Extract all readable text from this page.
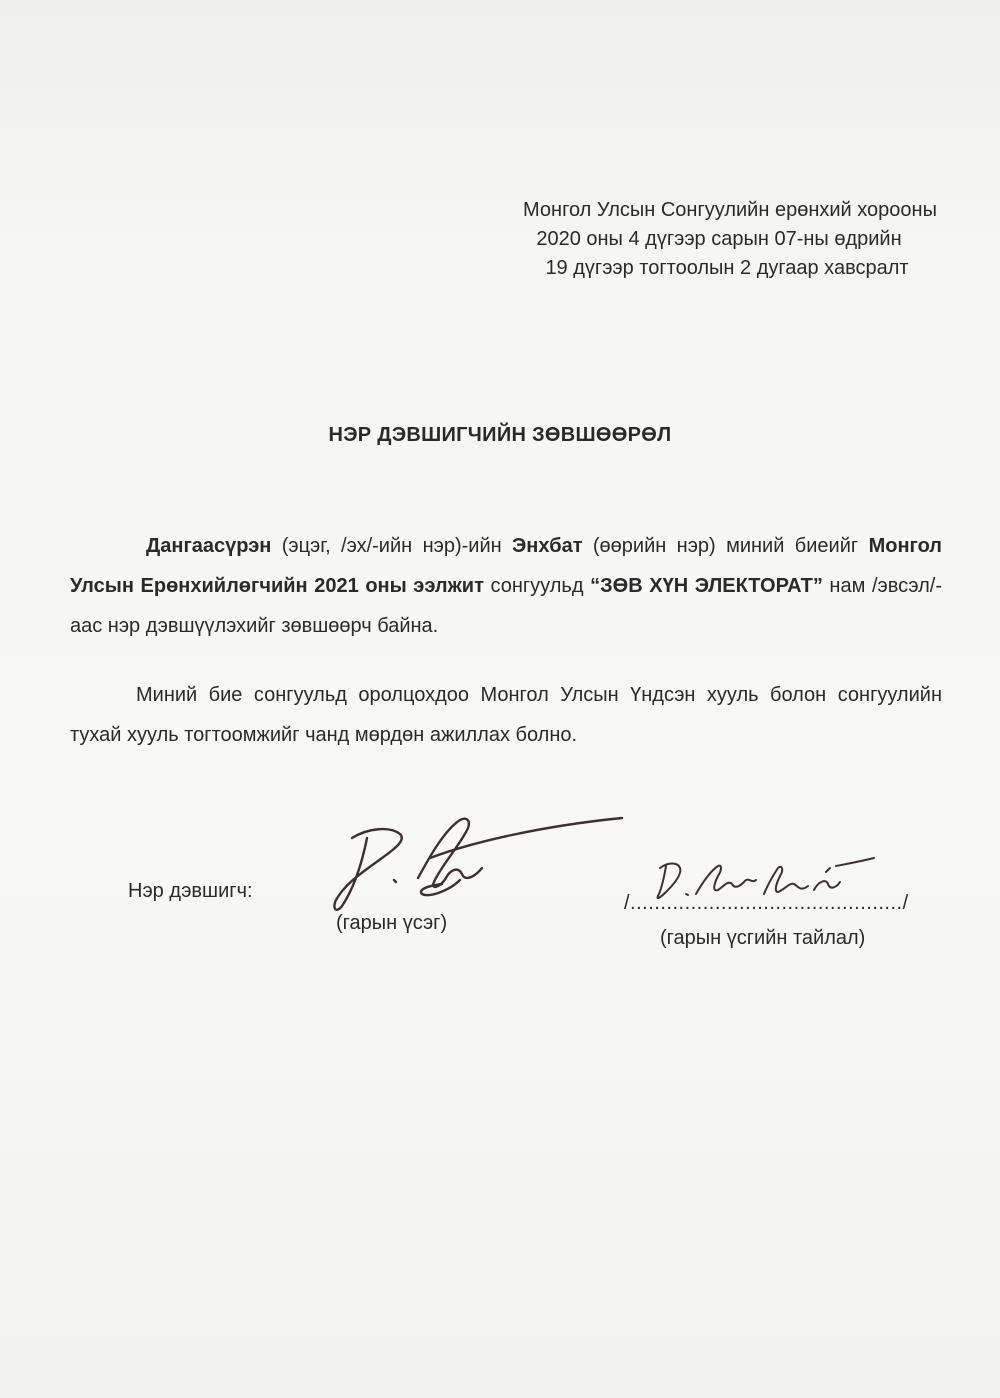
Монгол Улсын Сонгуулийн ерөнхий хорооны
2020 оны 4 дүгээр сарын 07-ны өдрийн
19 дүгээр тогтоолын 2 дугаар хавсралт
НЭР ДЭВШИГЧИЙН ЗӨВШӨӨРӨЛ
Дангаасүрэн (эцэг, /эх/-ийн нэр)-ийн Энхбат (өөрийн нэр) миний биеийг Монгол Улсын Ерөнхийлөгчийн 2021 оны ээлжит сонгуульд “ЗӨВ ХҮН ЭЛЕКТОРАТ” нам /эвсэл/-аас нэр дэвшүүлэхийг зөвшөөрч байна.
Миний бие сонгуульд оролцохдоо Монгол Улсын Үндсэн хууль болон сонгуулийн тухай хууль тогтоомжийг чанд мөрдөн ажиллах болно.
Нэр дэвшигч:
(гарын үсэг)
/............................................./
(гарын үсгийн тайлал)
